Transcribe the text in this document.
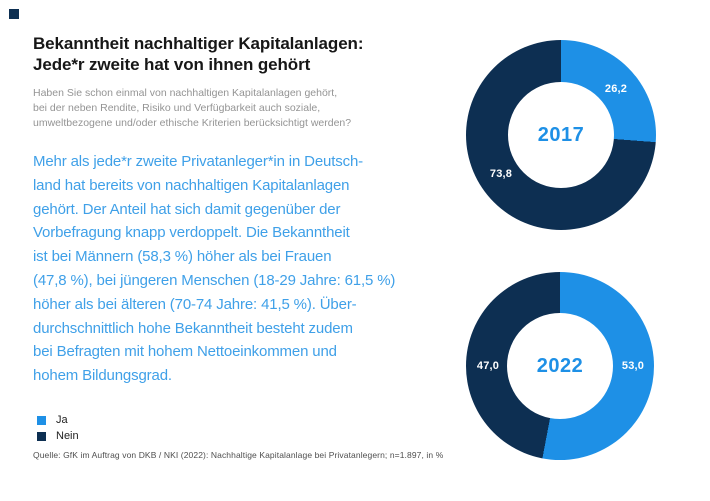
Bekanntheit nachhaltiger Kapitalanlagen:
Jede*r zweite hat von ihnen gehört
Haben Sie schon einmal von nachhaltigen Kapitalanlagen gehört,
bei der neben Rendite, Risiko und Verfügbarkeit auch soziale,
umweltbezogene und/oder ethische Kriterien berücksichtigt werden?
Mehr als jede*r zweite Privatanleger*in in Deutsch-
land hat bereits von nachhaltigen Kapitalanlagen
gehört. Der Anteil hat sich damit gegenüber der
Vorbefragung knapp verdoppelt. Die Bekanntheit
ist bei Männern (58,3 %) höher als bei Frauen
(47,8 %), bei jüngeren Menschen (18-29 Jahre: 61,5 %)
höher als bei älteren (70-74 Jahre: 41,5 %). Über-
durchschnittlich hohe Bekanntheit besteht zudem
bei Befragten mit hohem Nettoeinkommen und
hohem Bildungsgrad.
Ja
Nein
Quelle: GfK im Auftrag von DKB / NKI (2022): Nachhaltige Kapitalanlage bei Privatanlegern; n=1.897, in %
26,2
73,8
2017
53,0
47,0 2022
